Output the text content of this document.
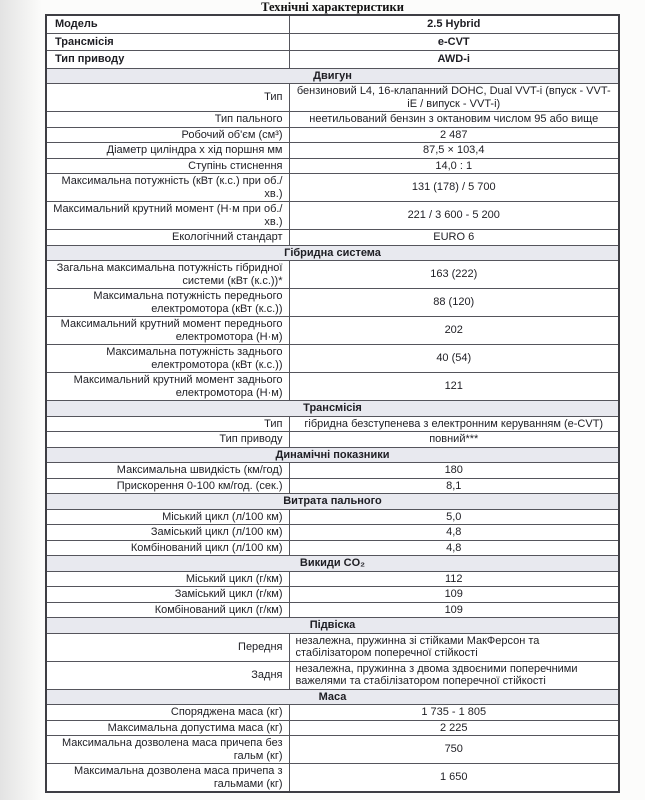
Технічні характеристики
Модель	2.5 Hybrid
Трансмісія	e-CVT
Тип приводу	AWD-i
Двигун	
Тип	бензиновий L4, 16-клапанний DOHC, Dual VVT-i (впуск - VVT- iE / випуск - VVT-i)
Тип пального	неетильований бензин з октановим числом 95 або вище
Робочий об'єм (см³)	2 487
Діаметр циліндра х хід поршня мм	87,5 × 103,4
Ступінь стиснення	14,0 : 1
Максимальна потужність (кВт (к.с.) при об./хв.)	131 (178) / 5 700
Максимальний крутний момент (Н·м при об./хв.)	221 / 3 600 - 5 200
Екологічний стандарт	EURO 6
Гібридна система	
Загальна максимальна потужність гібридної системи (кВт (к.с.))*	163 (222)
Максимальна потужність переднього електромотора (кВт (к.с.))	88 (120)
Максимальний крутний момент переднього електромотора (Н·м)	202
Максимальна потужність заднього електромотора (кВт (к.с.))	40 (54)
Максимальний крутний момент заднього електромотора (Н·м)	121
Трансмісія	
Тип	гібридна безступенева з електронним керуванням (e-CVT)
Тип приводу	повний***
Динамічні показники	
Максимальна швидкість (км/год)	180
Прискорення 0-100 км/год. (сек.)	8,1
Витрата пального	
Міський цикл (л/100 км)	5,0
Заміський цикл (л/100 км)	4,8
Комбінований цикл (л/100 км)	4,8
Викиди CO₂	
Міський цикл (г/км)	112
Заміський цикл (г/км)	109
Комбінований цикл (г/км)	109
Підвіска	
Передня	незалежна, пружинна зі стійками МакФерсон та стабілізатором поперечної стійкості
Задня	незалежна, пружинна з двома здвоєними поперечними важелями та стабілізатором поперечної стійкості
Маса	
Споряджена маса (кг)	1 735 - 1 805
Максимальна допустима маса (кг)	2 225
Максимальна дозволена маса причепа без гальм (кг)	750
Максимальна дозволена маса причепа з гальмами (кг)	1 650
